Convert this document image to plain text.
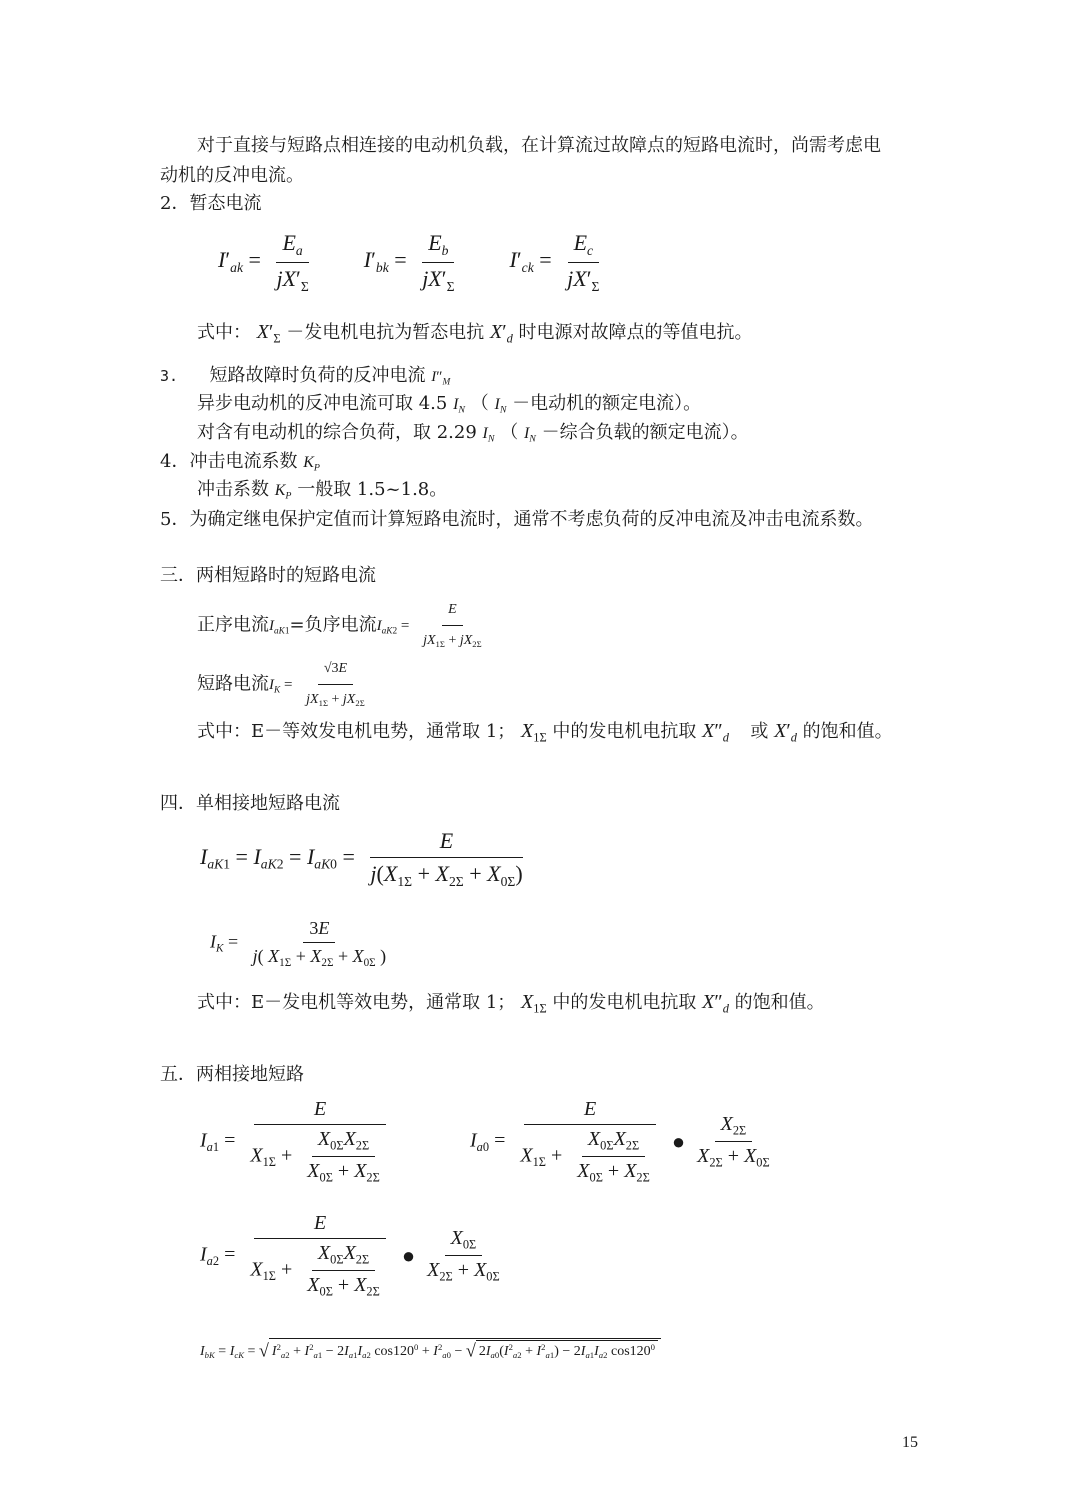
对于直接与短路点相连接的电动机负载，在计算流过故障点的短路电流时，尚需考虑电
动机的反冲电流。
2．暂态电流
$I'_{ak} = \frac{E_a}{jX'_\Sigma} I'_{bk} = \frac{E_b}{jX'_\Sigma} I'_{ck} = \frac{E_c}{jX'_\Sigma}$
式中： $X'_\Sigma$ －发电机电抗为暂态电抗 $X'_d$ 时电源对故障点的等值电抗。
3. 短路故障时负荷的反冲电流 $I''_M$
异步电动机的反冲电流可取 4.5 $I_N$ （ $I_N$ －电动机的额定电流）。
对含有电动机的综合负荷，取 2.29 $I_N$ （ $I_N$ －综合负载的额定电流）。
4．冲击电流系数 $K_P$
冲击系数 $K_P$ 一般取 1.5~1.8。
5．为确定继电保护定值而计算短路电流时，通常不考虑负荷的反冲电流及冲击电流系数。
三．两相短路时的短路电流
正序电流$I_{aK1}=$负序电流$I_{aK2} = \frac{E}{jX_{1\Sigma} + jX_{2\Sigma}}$
短路电流$I_K = \frac{√3E}{jX_{1\Sigma} + jX_{2\Sigma}}$
式中：E－等效发电机电势，通常取 1； $X_{1\Sigma}$ 中的发电机电抗取 $X''_d$ 或 $X'_d$ 的饱和值。
四．单相接地短路电流
$I_{aK1} = I_{aK2} = I_{aK0} = \frac{E}{j(X_{1\Sigma} + X_{2\Sigma} + X_{0\Sigma})}$
$I_K = \frac{3E}{j( X_{1\Sigma} + X_{2\Sigma} + X_{0\Sigma} )}$
式中：E－发电机等效电势，通常取 1； $X_{1\Sigma}$ 中的发电机电抗取 $X''_d$ 的饱和值。
五．两相接地短路
$I_{a1} = \frac{E}{X_{1\Sigma} + \frac{X_{0\Sigma}X_{2\Sigma}}{X_{0\Sigma} + X_{2\Sigma}}}$	$I_{a0} = \frac{E}{X_{1\Sigma} + \frac{X_{0\Sigma}X_{2\Sigma}}{X_{0\Sigma} + X_{2\Sigma}}}$ ● $\frac{X_{2\Sigma}}{X_{2\Sigma} + X_{0\Sigma}}$
$I_{a2} = \frac{E}{X_{1\Sigma} + \frac{X_{0\Sigma}X_{2\Sigma}}{X_{0\Sigma} + X_{2\Sigma}}}$ ● $\frac{X_{0\Sigma}}{X_{2\Sigma} + X_{0\Sigma}}$
$I_{bK} = I_{cK}$ = √ $I^2_{a2} + I^2_{a1} - 2I_{a1}I_{a2}$ $\cos 120^0 + I^2_{a0}$ − √ $2I_{a0}(I^2_{a2} + I^2_{a1}) - 2I_{a1}I_{a2}$ $\cos 120^0$
15
